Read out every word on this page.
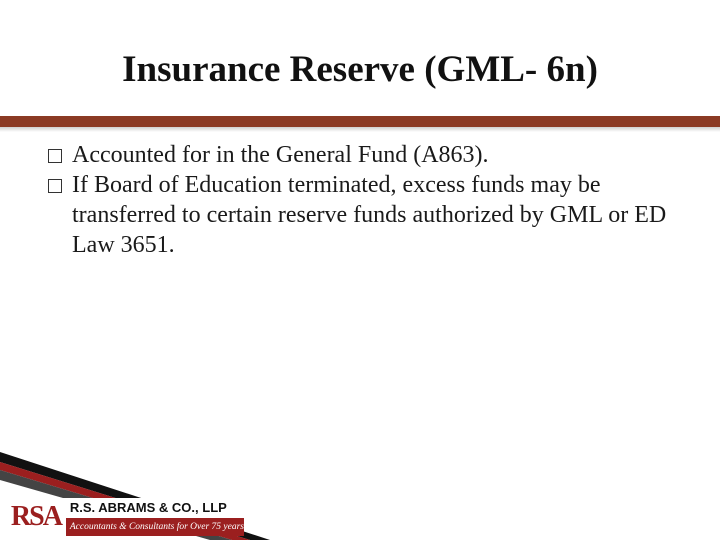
Insurance Reserve (GML- 6n)
Accounted for in the General Fund (A863).
If Board of Education terminated, excess funds may be transferred to certain reserve funds authorized by GML or ED Law 3651.
RSA R.S. ABRAMS & CO., LLP
Accountants & Consultants for Over 75 years
